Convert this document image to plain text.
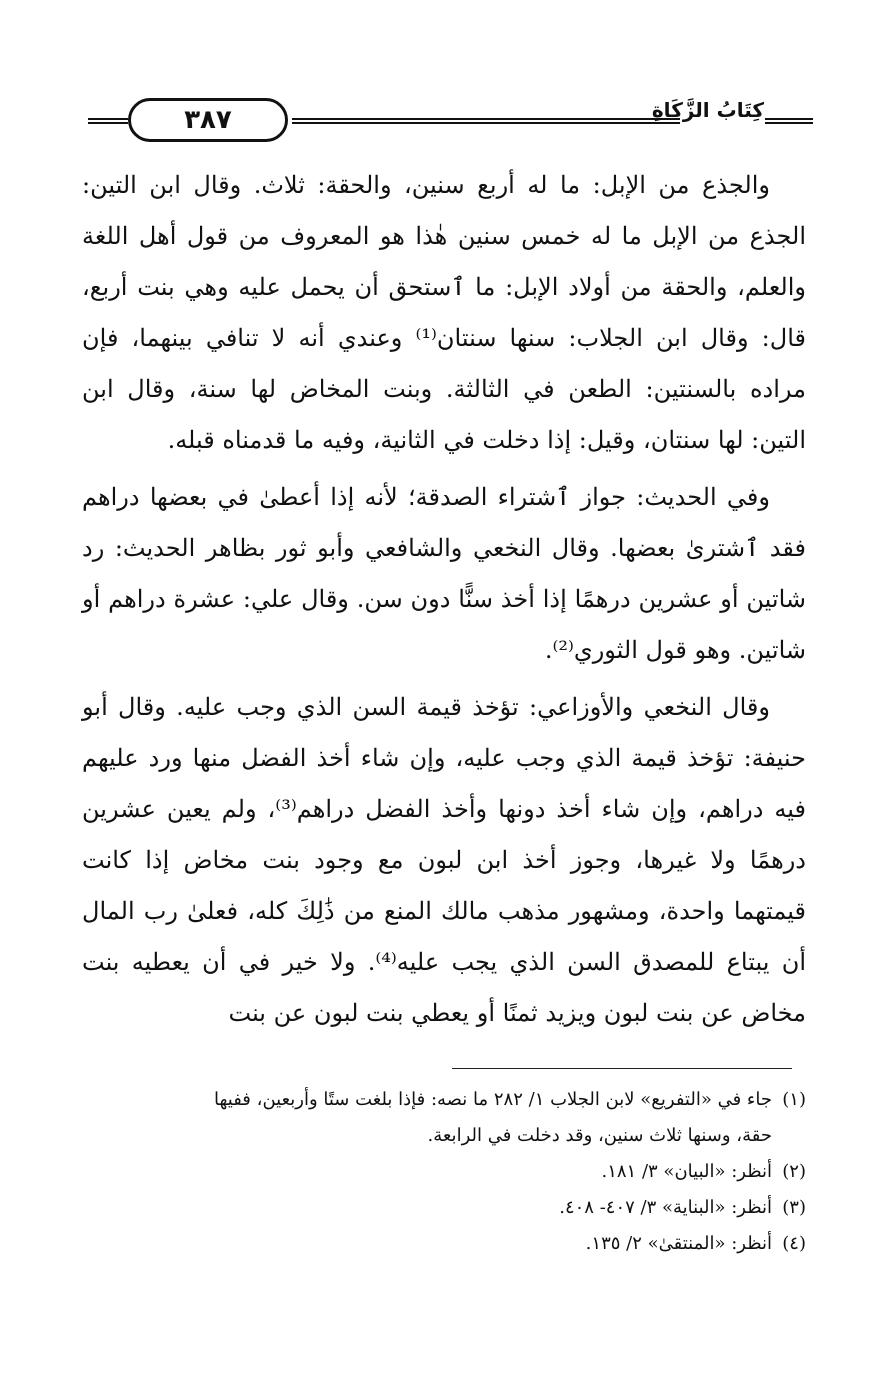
٣٨٧	كِتَابُ الزَّكَاةِ

والجذع من الإبل: ما له أربع سنين، والحقة: ثلاث. وقال ابن التين: الجذع من الإبل ما له خمس سنين هٰذا هو المعروف من قول أهل اللغة والعلم، والحقة من أولاد الإبل: ما ٱستحق أن يحمل عليه وهي بنت أربع، قال: وقال ابن الجلاب: سنها سنتان⁽¹⁾ وعندي أنه لا تنافي بينهما، فإن مراده بالسنتين: الطعن في الثالثة. وبنت المخاض لها سنة، وقال ابن التين: لها سنتان، وقيل: إذا دخلت في الثانية، وفيه ما قدمناه قبله.

وفي الحديث: جواز ٱشتراء الصدقة؛ لأنه إذا أعطىٰ في بعضها دراهم فقد ٱشترىٰ بعضها. وقال النخعي والشافعي وأبو ثور بظاهر الحديث: رد شاتين أو عشرين درهمًا إذا أخذ سنًّا دون سن. وقال علي: عشرة دراهم أو شاتين. وهو قول الثوري⁽²⁾.

وقال النخعي والأوزاعي: تؤخذ قيمة السن الذي وجب عليه. وقال أبو حنيفة: تؤخذ قيمة الذي وجب عليه، وإن شاء أخذ الفضل منها ورد عليهم فيه دراهم، وإن شاء أخذ دونها وأخذ الفضل دراهم⁽³⁾، ولم يعين عشرين درهمًا ولا غيرها، وجوز أخذ ابن لبون مع وجود بنت مخاض إذا كانت قيمتهما واحدة، ومشهور مذهب مالك المنع من ذَٰلِكَ كله، فعلىٰ رب المال أن يبتاع للمصدق السن الذي يجب عليه⁽⁴⁾. ولا خير في أن يعطيه بنت مخاض عن بنت لبون ويزيد ثمنًا أو يعطي بنت لبون عن بنت

(١)
جاء في «التفريع» لابن الجلاب ١/ ٢٨٢ ما نصه: فإذا بلغت ستًا وأربعين، ففيها
حقة، وسنها ثلاث سنين، وقد دخلت في الرابعة.
(٢)
أنظر: «البيان» ٣/ ١٨١.
(٣)
أنظر: «البناية» ٣/ ٤٠٧- ٤٠٨.
(٤)
أنظر: «المنتقىٰ» ٢/ ١٣٥.
